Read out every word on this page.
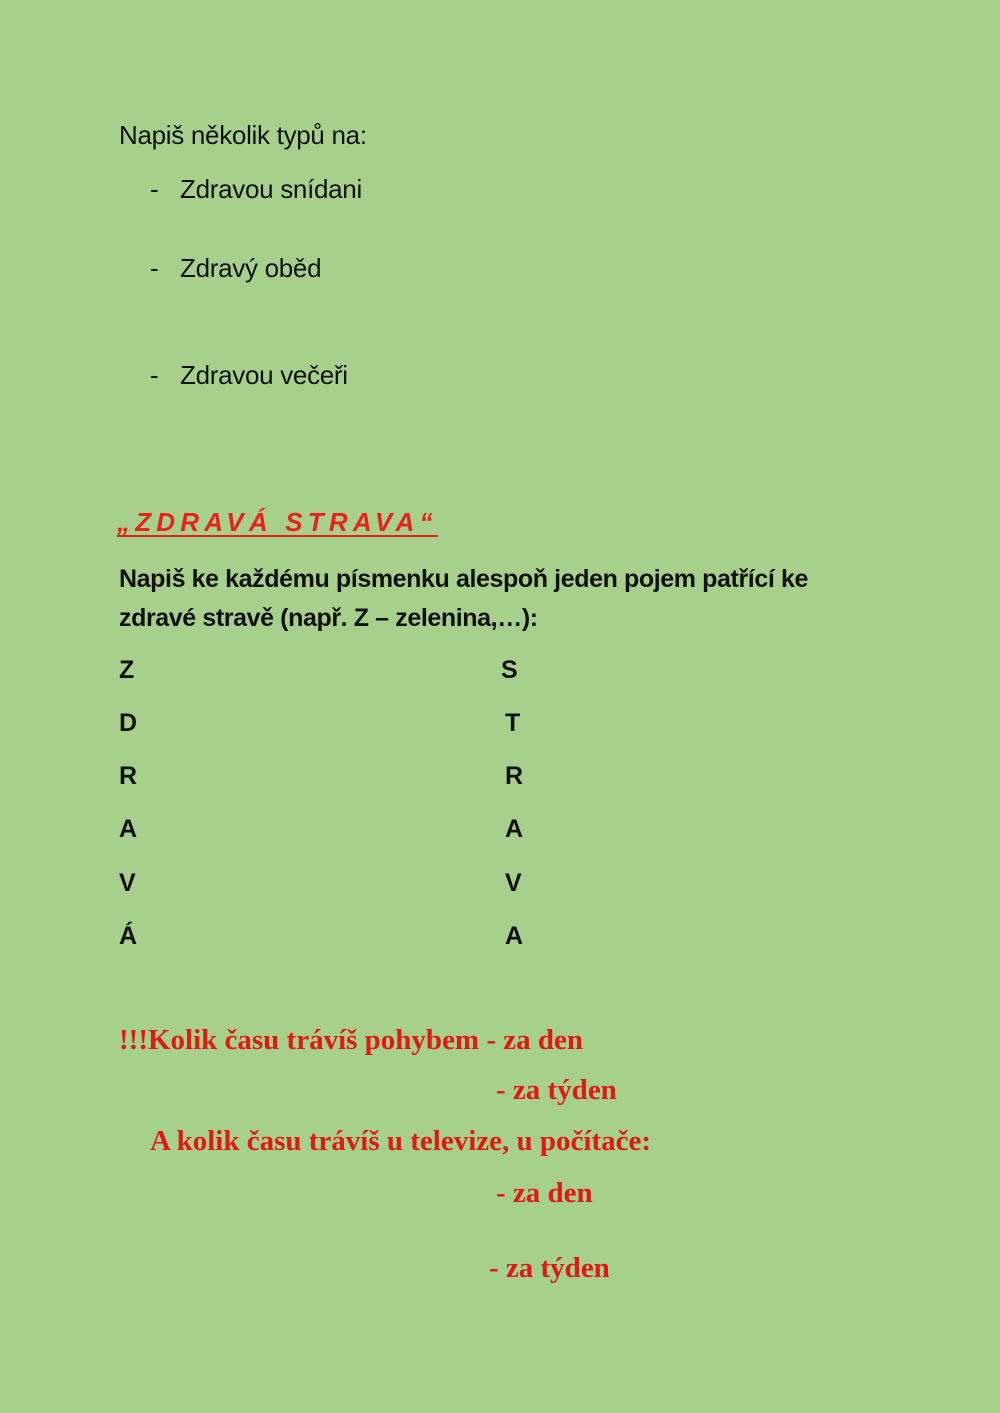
Napiš několik typů na:
- Zdravou snídani
- Zdravý oběd
- Zdravou večeři
„ZDRAVÁ STRAVA“
Napiš ke každému písmenku alespoň jeden pojem patřící ke
zdravé stravě (např. Z – zelenina,…):
Z
D
R
A
V
Á
S
T
R
A
V
A
!!!Kolik času trávíš pohybem - za den
- za týden
A kolik času trávíš u televize, u počítače:
- za den
- za týden
